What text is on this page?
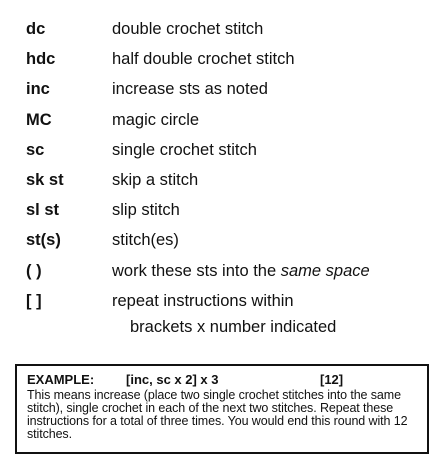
dc	double crochet stitch
hdc	half double crochet stitch
inc	increase sts as noted
MC	magic circle
sc	single crochet stitch
sk st	skip a stitch
sl st	slip stitch
st(s)	stitch(es)
( )	work these sts into the same space
[ ]	repeat instructions within
brackets x number indicated
EXAMPLE:	[inc, sc x 2] x 3	[12]
This means increase (place two single crochet stitches into the same stitch), single crochet in each of the next two stitches. Repeat these instructions for a total of three times. You would end this round with 12 stitches.
